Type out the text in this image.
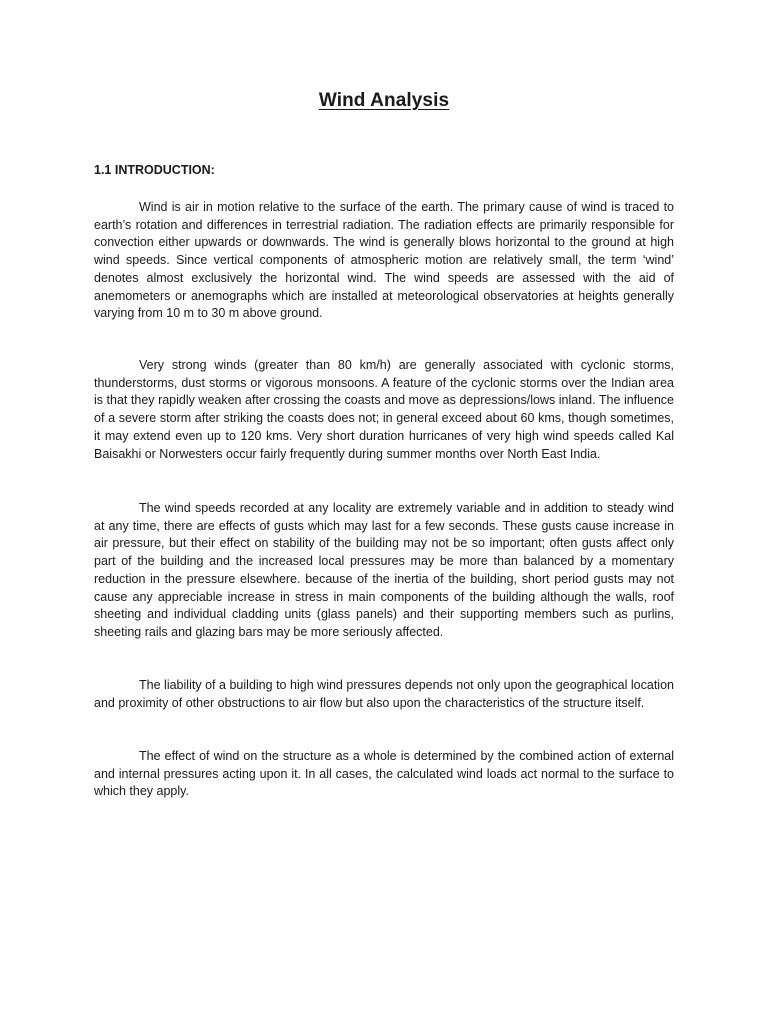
Wind Analysis
1.1 INTRODUCTION:

Wind is air in motion relative to the surface of the earth. The primary cause of wind is traced to earth’s rotation and differences in terrestrial radiation. The radiation effects are primarily responsible for convection either upwards or downwards. The wind is generally blows horizontal to the ground at high wind speeds. Since vertical components of atmospheric motion are relatively small, the term ‘wind’ denotes almost exclusively the horizontal wind. The wind speeds are assessed with the aid of anemometers or anemographs which are installed at meteorological observatories at heights generally varying from 10 m to 30 m above ground.

Very strong winds (greater than 80 km/h) are generally associated with cyclonic storms, thunderstorms, dust storms or vigorous monsoons. A feature of the cyclonic storms over the Indian area is that they rapidly weaken after crossing the coasts and move as depressions/lows inland. The influence of a severe storm after striking the coasts does not; in general exceed about 60 kms, though sometimes, it may extend even up to 120 kms. Very short duration hurricanes of very high wind speeds called Kal Baisakhi or Norwesters occur fairly frequently during summer months over North East India.

The wind speeds recorded at any locality are extremely variable and in addition to steady wind at any time, there are effects of gusts which may last for a few seconds. These gusts cause increase in air pressure, but their effect on stability of the building may not be so important; often gusts affect only part of the building and the increased local pressures may be more than balanced by a momentary reduction in the pressure elsewhere. because of the inertia of the building, short period gusts may not cause any appreciable increase in stress in main components of the building although the walls, roof sheeting and individual cladding units (glass panels) and their supporting members such as purlins, sheeting rails and glazing bars may be more seriously affected.

The liability of a building to high wind pressures depends not only upon the geographical location and proximity of other obstructions to air flow but also upon the characteristics of the structure itself.

The effect of wind on the structure as a whole is determined by the combined action of external and internal pressures acting upon it. In all cases, the calculated wind loads act normal to the surface to which they apply.
